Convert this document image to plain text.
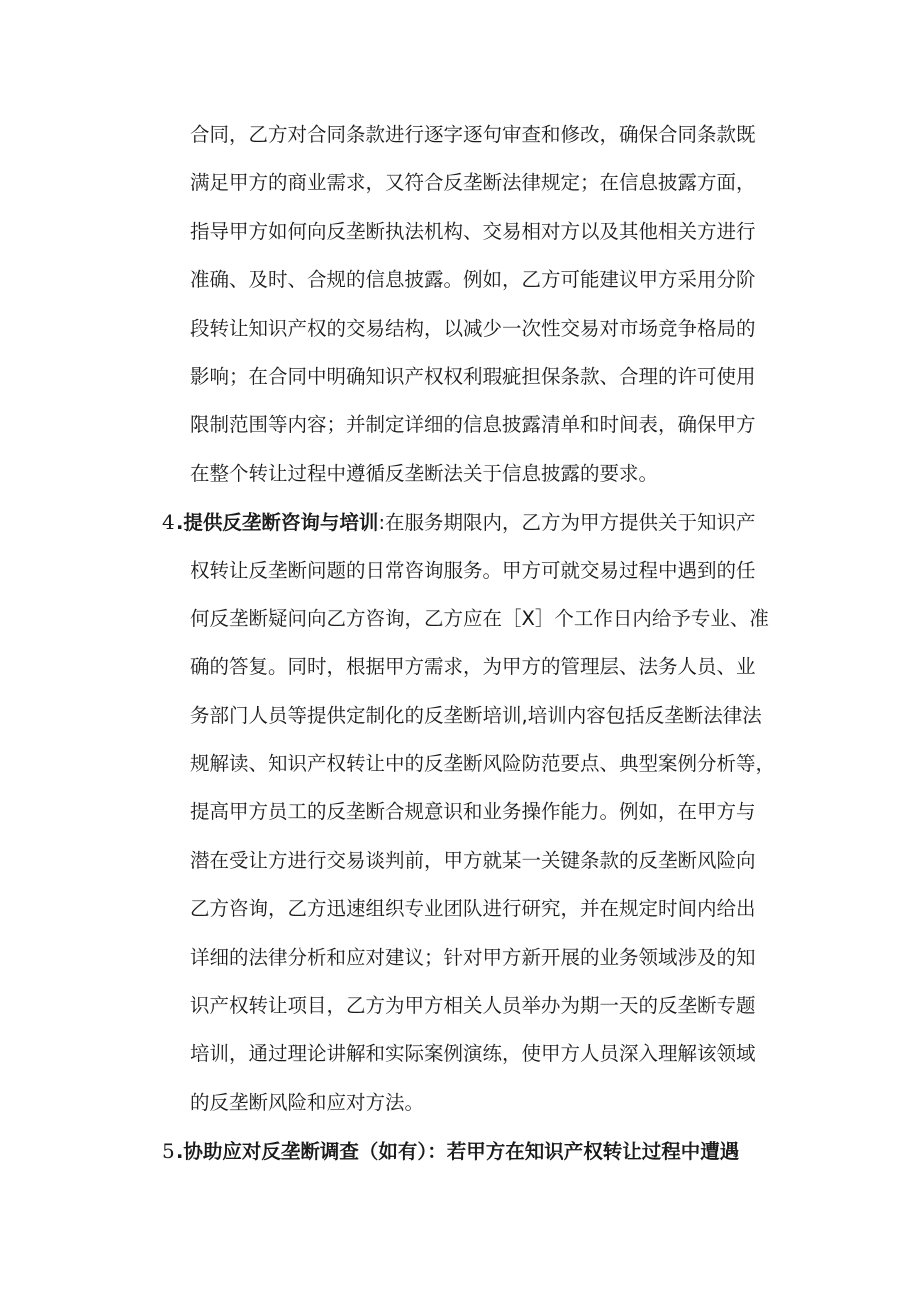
合同，乙方对合同条款进行逐字逐句审查和修改，确保合同条款既
满足甲方的商业需求，又符合反垄断法律规定；在信息披露方面，
指导甲方如何向反垄断执法机构、交易相对方以及其他相关方进行
准确、及时、合规的信息披露。例如，乙方可能建议甲方采用分阶
段转让知识产权的交易结构，以减少一次性交易对市场竞争格局的
影响；在合同中明确知识产权权利瑕疵担保条款、合理的许可使用
限制范围等内容；并制定详细的信息披露清单和时间表，确保甲方
在整个转让过程中遵循反垄断法关于信息披露的要求。
4.提供反垄断咨询与培训:在服务期限内，乙方为甲方提供关于知识产
权转让反垄断问题的日常咨询服务。甲方可就交易过程中遇到的任
何反垄断疑问向乙方咨询，乙方应在［X］个工作日内给予专业、准
确的答复。同时，根据甲方需求，为甲方的管理层、法务人员、业
务部门人员等提供定制化的反垄断培训,培训内容包括反垄断法律法
规解读、知识产权转让中的反垄断风险防范要点、典型案例分析等，
提高甲方员工的反垄断合规意识和业务操作能力。例如，在甲方与
潜在受让方进行交易谈判前，甲方就某一关键条款的反垄断风险向
乙方咨询，乙方迅速组织专业团队进行研究，并在规定时间内给出
详细的法律分析和应对建议；针对甲方新开展的业务领域涉及的知
识产权转让项目，乙方为甲方相关人员举办为期一天的反垄断专题
培训，通过理论讲解和实际案例演练，使甲方人员深入理解该领域
的反垄断风险和应对方法。
5.协助应对反垄断调查（如有）：若甲方在知识产权转让过程中遭遇
